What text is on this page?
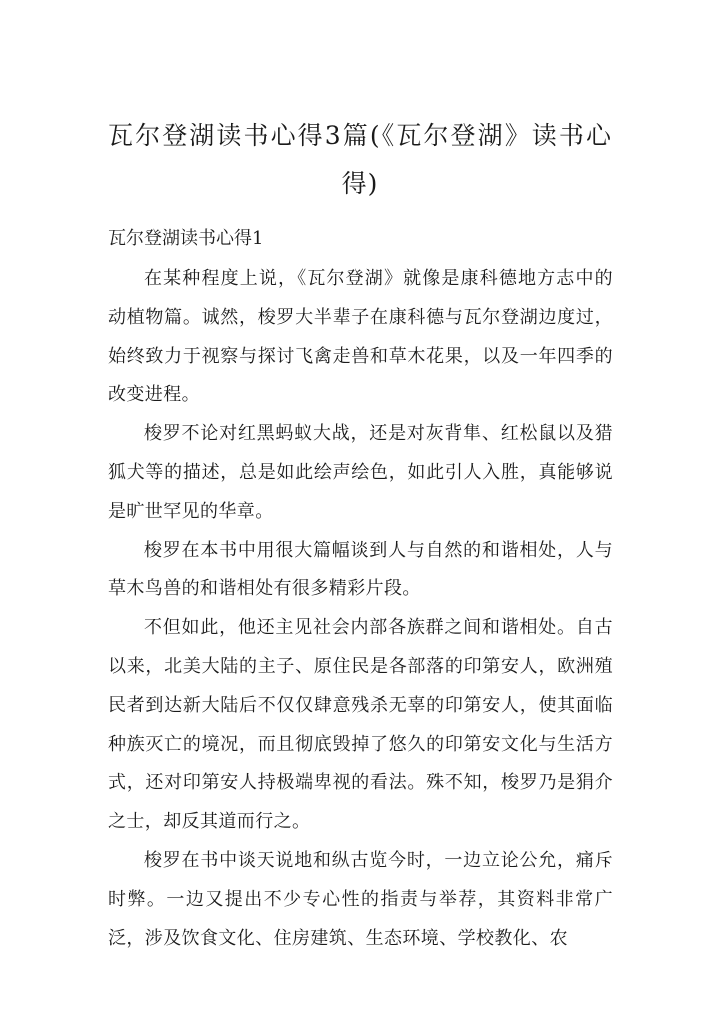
瓦尔登湖读书心得3篇(《瓦尔登湖》读书心得)
瓦尔登湖读书心得1

在某种程度上说，《瓦尔登湖》就像是康科德地方志中的动植物篇。诚然，梭罗大半辈子在康科德与瓦尔登湖边度过，始终致力于视察与探讨飞禽走兽和草木花果，以及一年四季的改变进程。

梭罗不论对红黑蚂蚁大战，还是对灰背隼、红松鼠以及猎狐犬等的描述，总是如此绘声绘色，如此引人入胜，真能够说是旷世罕见的华章。

梭罗在本书中用很大篇幅谈到人与自然的和谐相处，人与草木鸟兽的和谐相处有很多精彩片段。

不但如此，他还主见社会内部各族群之间和谐相处。自古以来，北美大陆的主子、原住民是各部落的印第安人，欧洲殖民者到达新大陆后不仅仅肆意残杀无辜的印第安人，使其面临种族灭亡的境况，而且彻底毁掉了悠久的印第安文化与生活方式，还对印第安人持极端卑视的看法。殊不知，梭罗乃是狷介之士，却反其道而行之。

梭罗在书中谈天说地和纵古览今时，一边立论公允，痛斥时弊。一边又提出不少专心性的指责与举荐，其资料非常广泛，涉及饮食文化、住房建筑、生态环境、学校教化、农
